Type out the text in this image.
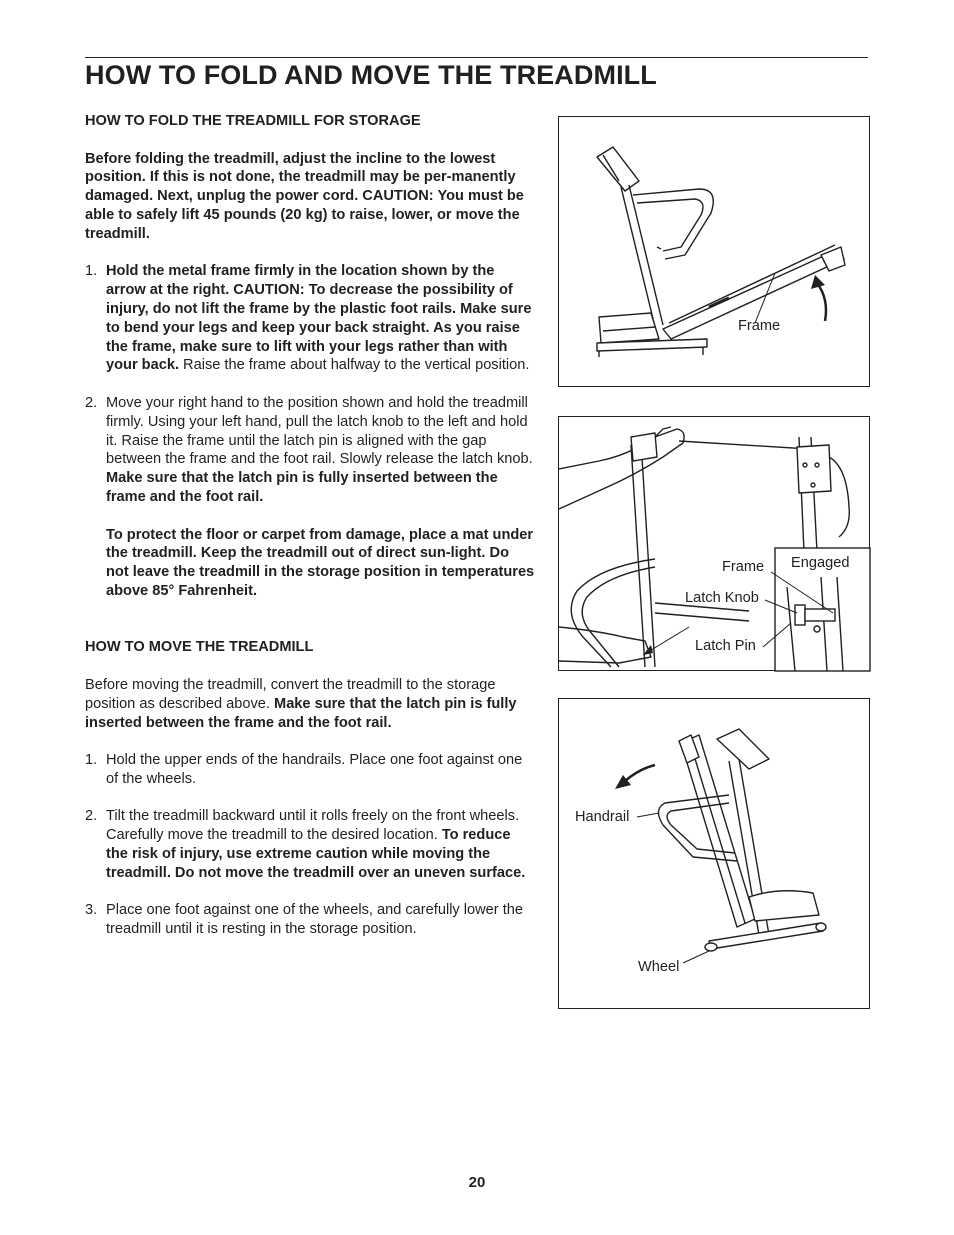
HOW TO FOLD AND MOVE THE TREADMILL

HOW TO FOLD THE TREADMILL FOR STORAGE

Before folding the treadmill, adjust the incline to the lowest position. If this is not done, the treadmill may be per-manently damaged. Next, unplug the power cord. CAUTION: You must be able to safely lift 45 pounds (20 kg) to raise, lower, or move the treadmill.

1. Hold the metal frame firmly in the location shown by the arrow at the right. CAUTION: To decrease the possibility of injury, do not lift the frame by the plastic foot rails. Make sure to bend your legs and keep your back straight. As you raise the frame, make sure to lift with your legs rather than with your back. Raise the frame about halfway to the vertical position.

2. Move your right hand to the position shown and hold the treadmill firmly. Using your left hand, pull the latch knob to the left and hold it. Raise the frame until the latch pin is aligned with the gap between the frame and the foot rail. Slowly release the latch knob. Make sure that the latch pin is fully inserted between the frame and the foot rail.

To protect the floor or carpet from damage, place a mat under the treadmill. Keep the treadmill out of direct sun-light. Do not leave the treadmill in the storage position in temperatures above 85° Fahrenheit.

HOW TO MOVE THE TREADMILL

Before moving the treadmill, convert the treadmill to the storage position as described above. Make sure that the latch pin is fully inserted between the frame and the foot rail.

1. Hold the upper ends of the handrails. Place one foot against one of the wheels.

2. Tilt the treadmill backward until it rolls freely on the front wheels. Carefully move the treadmill to the desired location. To reduce the risk of injury, use extreme caution while moving the treadmill. Do not move the treadmill over an uneven surface.

3. Place one foot against one of the wheels, and carefully lower the treadmill until it is resting in the storage position.

Frame
Frame Engaged
Latch Knob
Latch Pin
Handrail
Wheel
20
